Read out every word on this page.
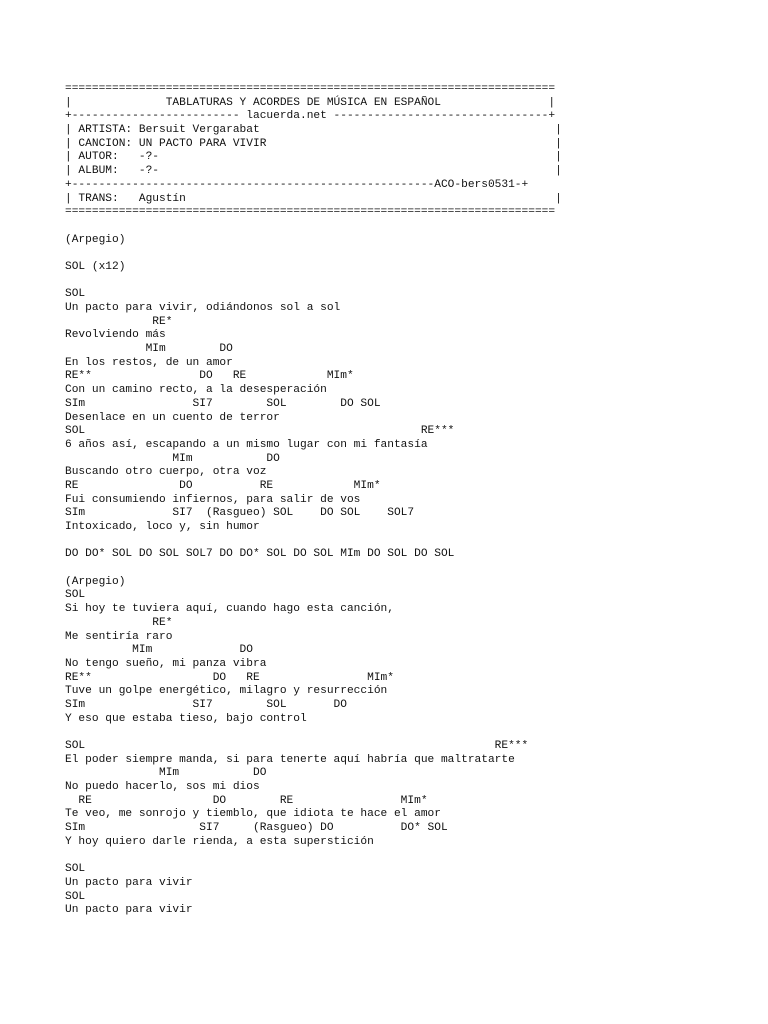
=========================================================================
|              TABLATURAS Y ACORDES DE MÚSICA EN ESPAÑOL                |
+------------------------- lacuerda.net --------------------------------+
| ARTISTA: Bersuit Vergarabat                                            |
| CANCION: UN PACTO PARA VIVIR                                           |
| AUTOR:   -?-                                                           |
| ALBUM:   -?-                                                           |
+------------------------------------------------------ACO-bers0531-+
| TRANS:   Agustín                                                       |
=========================================================================
(Arpegio)
SOL (x12)
SOL
Un pacto para vivir, odiándonos sol a sol
RE*
Revolviendo más
MIm        DO
En los restos, de un amor
RE**                DO   RE            MIm*
Con un camino recto, a la desesperación
SIm                SI7        SOL        DO SOL
Desenlace en un cuento de terror
SOL                                                  RE***
6 años así, escapando a un mismo lugar con mi fantasía
MIm           DO
Buscando otro cuerpo, otra voz
RE               DO          RE            MIm*
Fui consumiendo infiernos, para salir de vos
SIm             SI7  (Rasgueo) SOL    DO SOL    SOL7
Intoxicado, loco y, sin humor
DO DO* SOL DO SOL SOL7 DO DO* SOL DO SOL MIm DO SOL DO SOL
(Arpegio)
SOL
Si hoy te tuviera aquí, cuando hago esta canción,
RE*
Me sentiría raro
MIm             DO
No tengo sueño, mi panza vibra
RE**                  DO   RE                MIm*
Tuve un golpe energético, milagro y resurrección
SIm                SI7        SOL       DO
Y eso que estaba tieso, bajo control
SOL                                                             RE***
El poder siempre manda, si para tenerte aquí habría que maltratarte
MIm           DO
No puedo hacerlo, sos mi dios
RE                  DO        RE                MIm*
Te veo, me sonrojo y tiemblo, que idiota te hace el amor
SIm                 SI7     (Rasgueo) DO          DO* SOL
Y hoy quiero darle rienda, a esta superstición
SOL
Un pacto para vivir
SOL
Un pacto para vivir
